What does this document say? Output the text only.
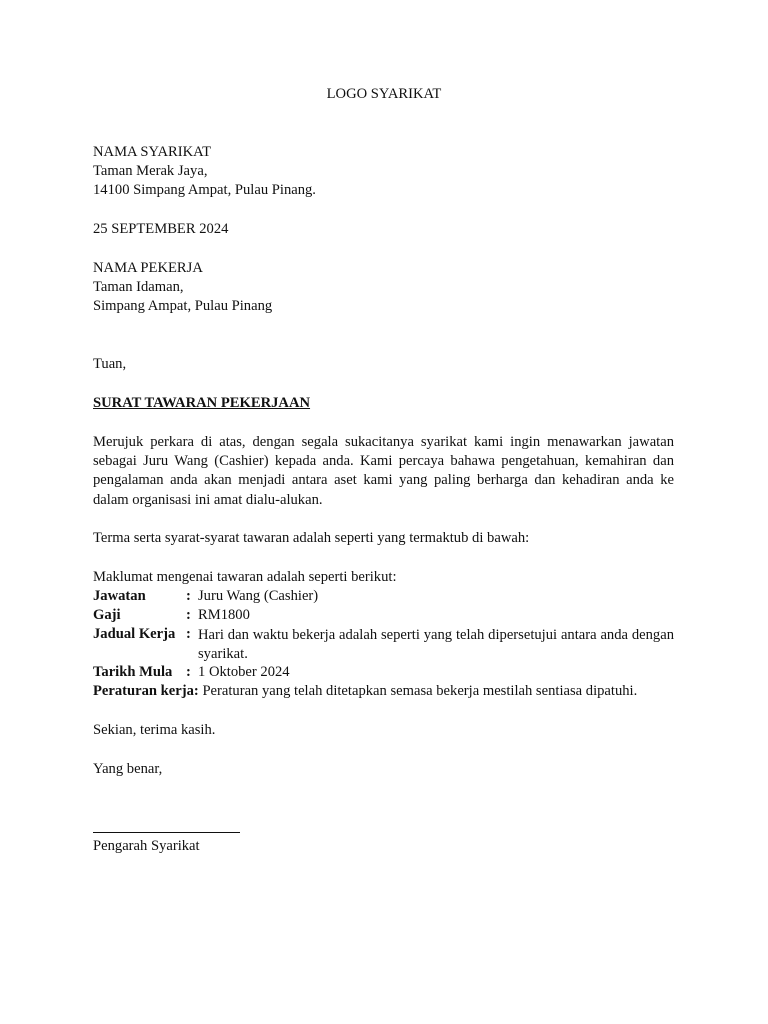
LOGO SYARIKAT
NAMA SYARIKAT
Taman Merak Jaya,
14100 Simpang Ampat, Pulau Pinang.
25 SEPTEMBER 2024
NAMA PEKERJA
Taman Idaman,
Simpang Ampat, Pulau Pinang
Tuan,
SURAT TAWARAN PEKERJAAN
Merujuk perkara di atas, dengan segala sukacitanya syarikat kami ingin menawarkan jawatan sebagai Juru Wang (Cashier) kepada anda. Kami percaya bahawa pengetahuan, kemahiran dan pengalaman anda akan menjadi antara aset kami yang paling berharga dan kehadiran anda ke dalam organisasi ini amat dialu-alukan.
Terma serta syarat-syarat tawaran adalah seperti yang termaktub di bawah:
Maklumat mengenai tawaran adalah seperti berikut:
Jawatan	: Juru Wang (Cashier)
Gaji	: RM1800
Jadual Kerja : Hari dan waktu bekerja adalah seperti yang telah dipersetujui antara anda dengan syarikat.
Tarikh Mula : 1 Oktober 2024
Peraturan kerja: Peraturan yang telah ditetapkan semasa bekerja mestilah sentiasa dipatuhi.
Sekian, terima kasih.
Yang benar,
Pengarah Syarikat
